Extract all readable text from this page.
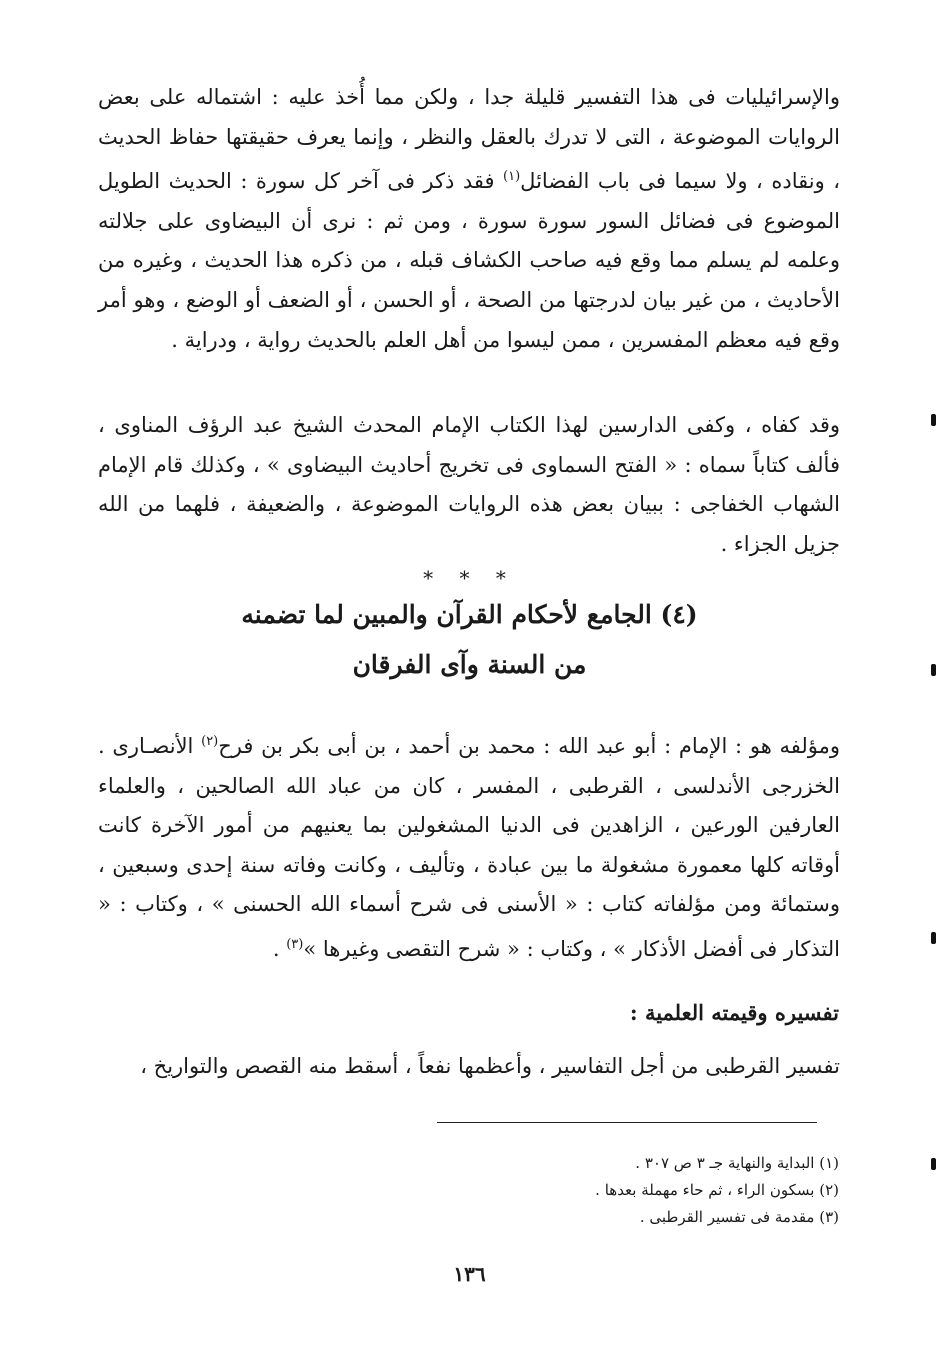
والإسرائيليات فى هذا التفسير قليلة جدا ، ولكن مما أُخذ عليه : اشتماله على بعض الروايات الموضوعة ، التى لا تدرك بالعقل والنظر ، وإنما يعرف حقيقتها حفاظ الحديث ، ونقاده ، ولا سيما فى باب الفضائل$^{(١)}$ فقد ذكر فى آخر كل سورة : الحديث الطويل الموضوع فى فضائل السور سورة سورة ، ومن ثم : نرى أن البيضاوى على جلالته وعلمه لم يسلم مما وقع فيه صاحب الكشاف قبله ، من ذكره هذا الحديث ، وغيره من الأحاديث ، من غير بيان لدرجتها من الصحة ، أو الحسن ، أو الضعف أو الوضع ، وهو أمر وقع فيه معظم المفسرين ، ممن ليسوا من أهل العلم بالحديث رواية ، ودراية .
وقد كفاه ، وكفى الدارسين لهذا الكتاب الإمام المحدث الشيخ عبد الرؤف المناوى ، فألف كتاباً سماه : « الفتح السماوى فى تخريج أحاديث البيضاوى » ، وكذلك قام الإمام الشهاب الخفاجى : ببيان بعض هذه الروايات الموضوعة ، والضعيفة ، فلهما من الله جزيل الجزاء .
* * *
(٤) الجامع لأحكام القرآن والمبين لما تضمنه
من السنة وآى الفرقان
ومؤلفه هو : الإمام : أبو عبد الله : محمد بن أحمد ، بن أبى بكر بن فرح$^{(٢)}$ الأنصـارى . الخزرجى الأندلسى ، القرطبى ، المفسر ، كان من عباد الله الصالحين ، والعلماء العارفين الورعين ، الزاهدين فى الدنيا المشغولين بما يعنيهم من أمور الآخرة كانت أوقاته كلها معمورة مشغولة ما بين عبادة ، وتأليف ، وكانت وفاته سنة إحدى وسبعين ، وستمائة ومن مؤلفاته كتاب : « الأسنى فى شرح أسماء الله الحسنى » ، وكتاب : « التذكار فى أفضل الأذكار » ، وكتاب : « شرح التقصى وغيرها »$^{(٣)}$ .
تفسيره وقيمته العلمية :
تفسير القرطبى من أجل التفاسير ، وأعظمها نفعاً ، أسقط منه القصص والتواريخ ،
(١) البداية والنهاية جـ ٣ ص ٣٠٧ .
(٢) بسكون الراء ، ثم حاء مهملة بعدها .
(٣) مقدمة فى تفسير القرطبى .
١٣٦
